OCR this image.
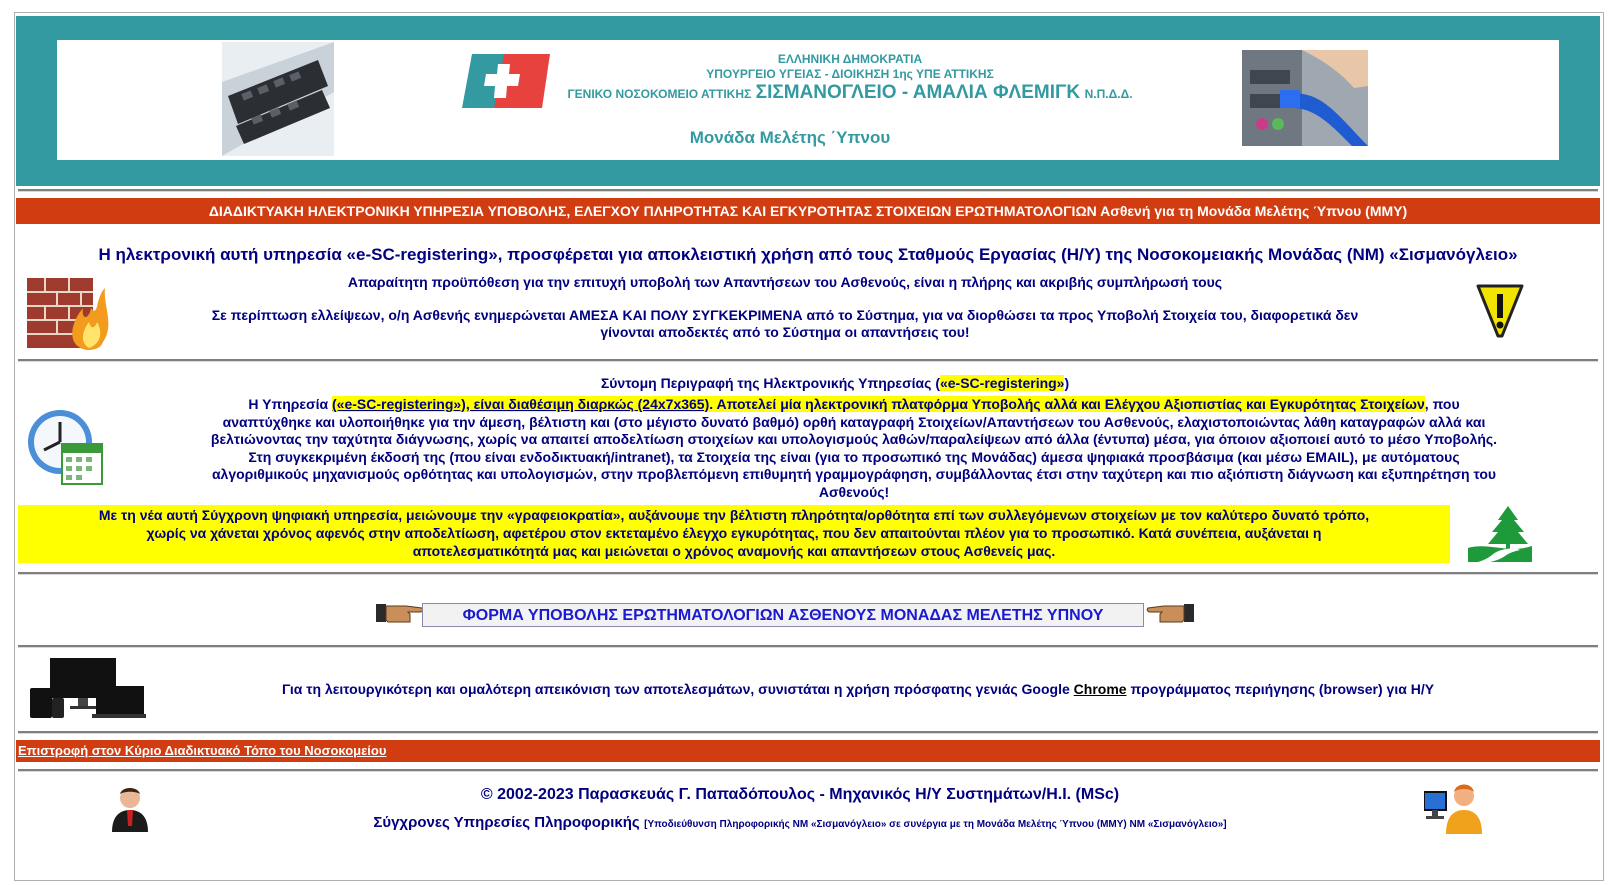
ΕΛΛΗΝΙΚΗ ΔΗΜΟΚΡΑΤΙΑ
ΥΠΟΥΡΓΕΙΟ ΥΓΕΙΑΣ - ΔΙΟΙΚΗΣΗ 1ης ΥΠΕ ΑΤΤΙΚΗΣ
ΓΕΝΙΚΟ ΝΟΣΟΚΟΜΕΙΟ ΑΤΤΙΚΗΣ ΣΙΣΜΑΝΟΓΛΕΙΟ - ΑΜΑΛΙΑ ΦΛΕΜΙΓΚ Ν.Π.Δ.Δ.
Μονάδα Μελέτης ΄Υπνου
ΔΙΑΔΙΚΤΥΑΚΗ ΗΛΕΚΤΡΟΝΙΚΗ ΥΠΗΡΕΣΙΑ ΥΠΟΒΟΛΗΣ, ΕΛΕΓΧΟΥ ΠΛΗΡΟΤΗΤΑΣ ΚΑΙ ΕΓΚΥΡΟΤΗΤΑΣ ΣΤΟΙΧΕΙΩΝ ΕΡΩΤΗΜΑΤΟΛΟΓΙΩΝ Ασθενή για τη Μονάδα Μελέτης Ύπνου (ΜΜΥ)
Η ηλεκτρονική αυτή υπηρεσία «e-SC-registering», προσφέρεται για αποκλειστική χρήση από τους Σταθμούς Εργασίας (Η/Υ) της Νοσοκομειακής Μονάδας (ΝΜ) «Σισμανόγλειο»
Απαραίτητη προϋπόθεση για την επιτυχή υποβολή των Απαντήσεων του Ασθενούς, είναι η πλήρης και ακριβής συμπλήρωσή τους
Σε περίπτωση ελλείψεων, ο/η Ασθενής ενημερώνεται ΑΜΕΣΑ ΚΑΙ ΠΟΛΥ ΣΥΓΚΕΚΡΙΜΕΝΑ από το Σύστημα, για να διορθώσει τα προς Υποβολή Στοιχεία του, διαφορετικά δεν
γίνονται αποδεκτές από το Σύστημα οι απαντήσεις του!
Σύντομη Περιγραφή της Ηλεκτρονικής Υπηρεσίας («e-SC-registering»)
Η Υπηρεσία («e-SC-registering»), είναι διαθέσιμη διαρκώς (24x7x365). Αποτελεί μία ηλεκτρονική πλατφόρμα Υποβολής αλλά και Ελέγχου Αξιοπιστίας και Εγκυρότητας Στοιχείων, που
αναπτύχθηκε και υλοποιήθηκε για την άμεση, βέλτιστη και (στο μέγιστο δυνατό βαθμό) ορθή καταγραφή Στοιχείων/Απαντήσεων του Ασθενούς, ελαχιστοποιώντας λάθη καταγραφών αλλά και
βελτιώνοντας την ταχύτητα διάγνωσης, χωρίς να απαιτεί αποδελτίωση στοιχείων και υπολογισμούς λαθών/παραλείψεων από άλλα (έντυπα) μέσα, για όποιον αξιοποιεί αυτό το μέσο Υποβολής.
Στη συγκεκριμένη έκδοσή της (που είναι ενδοδικτυακή/intranet), τα Στοιχεία της είναι (για το προσωπικό της Μονάδας) άμεσα ψηφιακά προσβάσιμα (και μέσω EMAIL), με αυτόματους
αλγοριθμικούς μηχανισμούς ορθότητας και υπολογισμών, στην προβλεπόμενη επιθυμητή γραμμογράφηση, συμβάλλοντας έτσι στην ταχύτερη και πιο αξιόπιστη διάγνωση και εξυπηρέτηση του
Ασθενούς!
Με τη νέα αυτή Σύγχρονη ψηφιακή υπηρεσία, μειώνουμε την «γραφειοκρατία», αυξάνουμε την βέλτιστη πληρότητα/ορθότητα επί των συλλεγόμενων στοιχείων με τον καλύτερο δυνατό τρόπο,
χωρίς να χάνεται χρόνος αφενός στην αποδελτίωση, αφετέρου στον εκτεταμένο έλεγχο εγκυρότητας, που δεν απαιτούνται πλέον για το προσωπικό. Κατά συνέπεια, αυξάνεται η
αποτελεσματικότητά μας και μειώνεται ο χρόνος αναμονής και απαντήσεων στους Ασθενείς μας.
ΦΟΡΜΑ ΥΠΟΒΟΛΗΣ ΕΡΩΤΗΜΑΤΟΛΟΓΙΩΝ ΑΣΘΕΝΟΥΣ ΜΟΝΑΔΑΣ ΜΕΛΕΤΗΣ ΥΠΝΟΥ
Για τη λειτουργικότερη και ομαλότερη απεικόνιση των αποτελεσμάτων, συνιστάται η χρήση πρόσφατης γενιάς Google Chrome προγράμματος περιήγησης (browser) για Η/Υ
Επιστροφή στον Κύριο Διαδικτυακό Τόπο του Νοσοκομείου
© 2002-2023 Παρασκευάς Γ. Παπαδόπουλος - Μηχανικός Η/Υ Συστημάτων/Η.Ι. (MSc)
Σύγχρονες Υπηρεσίες Πληροφορικής [Υποδιεύθυνση Πληροφορικής ΝΜ «Σισμανόγλειο» σε συνέργια με τη Μονάδα Μελέτης Ύπνου (ΜΜΥ) ΝΜ «Σισμανόγλειο»]
